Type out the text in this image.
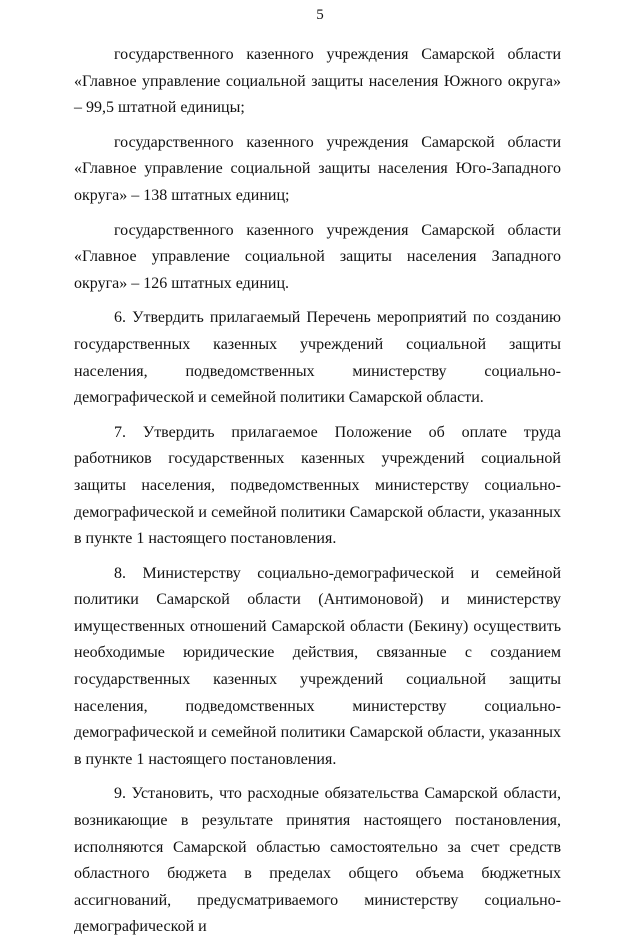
5

государственного казенного учреждения Самарской области «Главное управление социальной защиты населения Южного округа» – 99,5 штатной единицы;

государственного казенного учреждения Самарской области «Главное управление социальной защиты населения Юго-Западного округа» – 138 штатных единиц;

государственного казенного учреждения Самарской области «Главное управление социальной защиты населения Западного округа» – 126 штатных единиц.

6. Утвердить прилагаемый Перечень мероприятий по созданию государственных казенных учреждений социальной защиты населения, подведомственных министерству социально-демографической и семейной политики Самарской области.

7. Утвердить прилагаемое Положение об оплате труда работников государственных казенных учреждений социальной защиты населения, подведомственных министерству социально-демографической и семейной политики Самарской области, указанных в пункте 1 настоящего постановления.

8. Министерству социально-демографической и семейной политики Самарской области (Антимоновой) и министерству имущественных отношений Самарской области (Бекину) осуществить необходимые юридические действия, связанные с созданием государственных казенных учреждений социальной защиты населения, подведомственных министерству социально-демографической и семейной политики Самарской области, указанных в пункте 1 настоящего постановления.

9. Установить, что расходные обязательства Самарской области, возникающие в результате принятия настоящего постановления, исполняются Самарской областью самостоятельно за счет средств областного бюджета в пределах общего объема бюджетных ассигнований, предусматриваемого министерству социально-демографической и
